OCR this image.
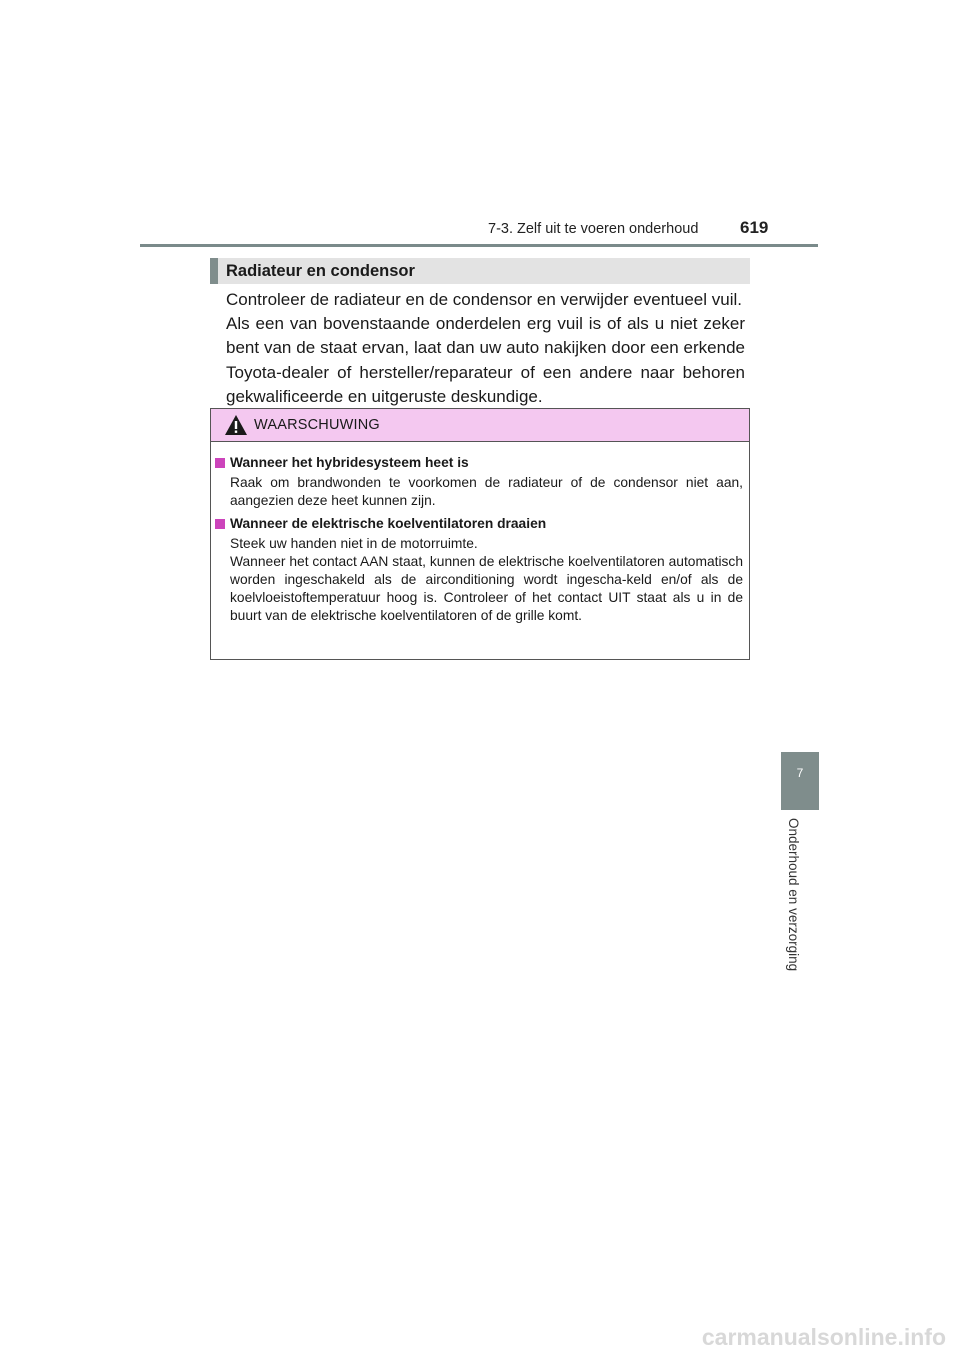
7-3. Zelf uit te voeren onderhoud 619
Radiateur en condensor

Controleer de radiateur en de condensor en verwijder eventueel vuil.

Als een van bovenstaande onderdelen erg vuil is of als u niet zeker bent van de staat ervan, laat dan uw auto nakijken door een erkende Toyota-dealer of hersteller/reparateur of een andere naar behoren gekwalificeerde en uitgeruste deskundige.

WAARSCHUWING
Wanneer het hybridesysteem heet is
Raak om brandwonden te voorkomen de radiateur of de condensor niet aan, aangezien deze heet kunnen zijn.
Wanneer de elektrische koelventilatoren draaien
Steek uw handen niet in de motorruimte.
Wanneer het contact AAN staat, kunnen de elektrische koelventilatoren automatisch worden ingeschakeld als de airconditioning wordt ingescha-keld en/of als de koelvloeistoftemperatuur hoog is. Controleer of het contact UIT staat als u in de buurt van de elektrische koelventilatoren of de grille komt.
7
Onderhoud en verzorging
carmanualsonline.info
